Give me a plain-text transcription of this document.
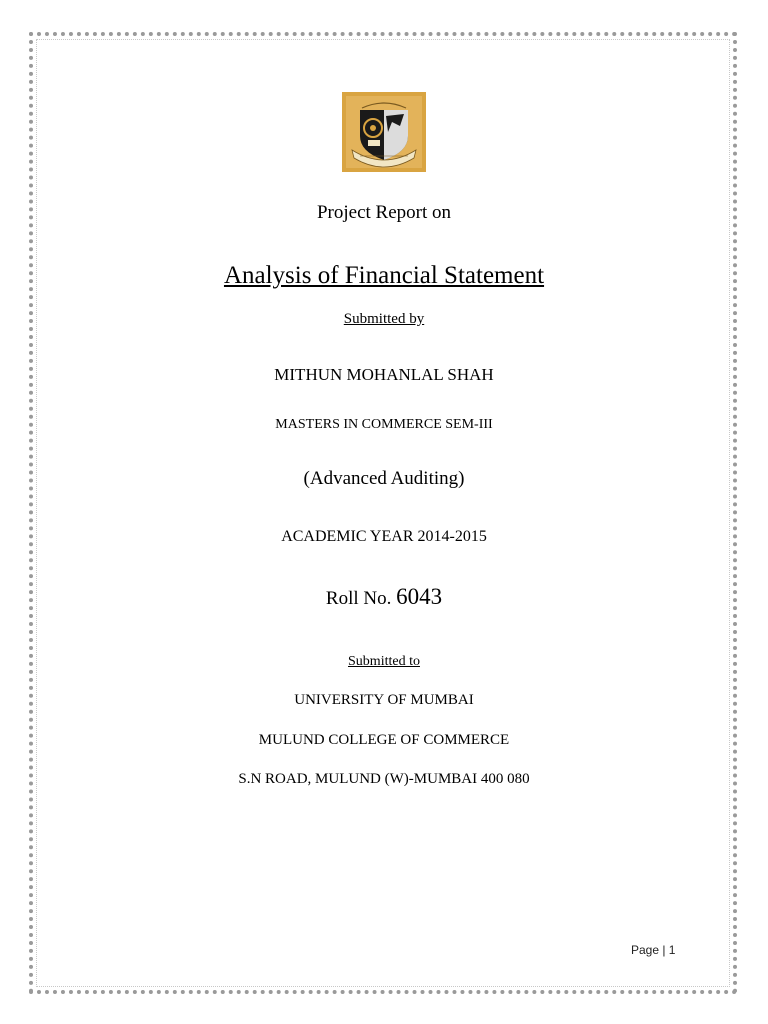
Project Report on
Analysis of Financial Statement
Submitted by
MITHUN MOHANLAL SHAH
MASTERS IN COMMERCE SEM-III
(Advanced Auditing)
ACADEMIC YEAR 2014-2015
Roll No. 6043
Submitted to
UNIVERSITY OF MUMBAI
MULUND COLLEGE OF COMMERCE
S.N ROAD, MULUND (W)-MUMBAI 400 080
Page | 1
